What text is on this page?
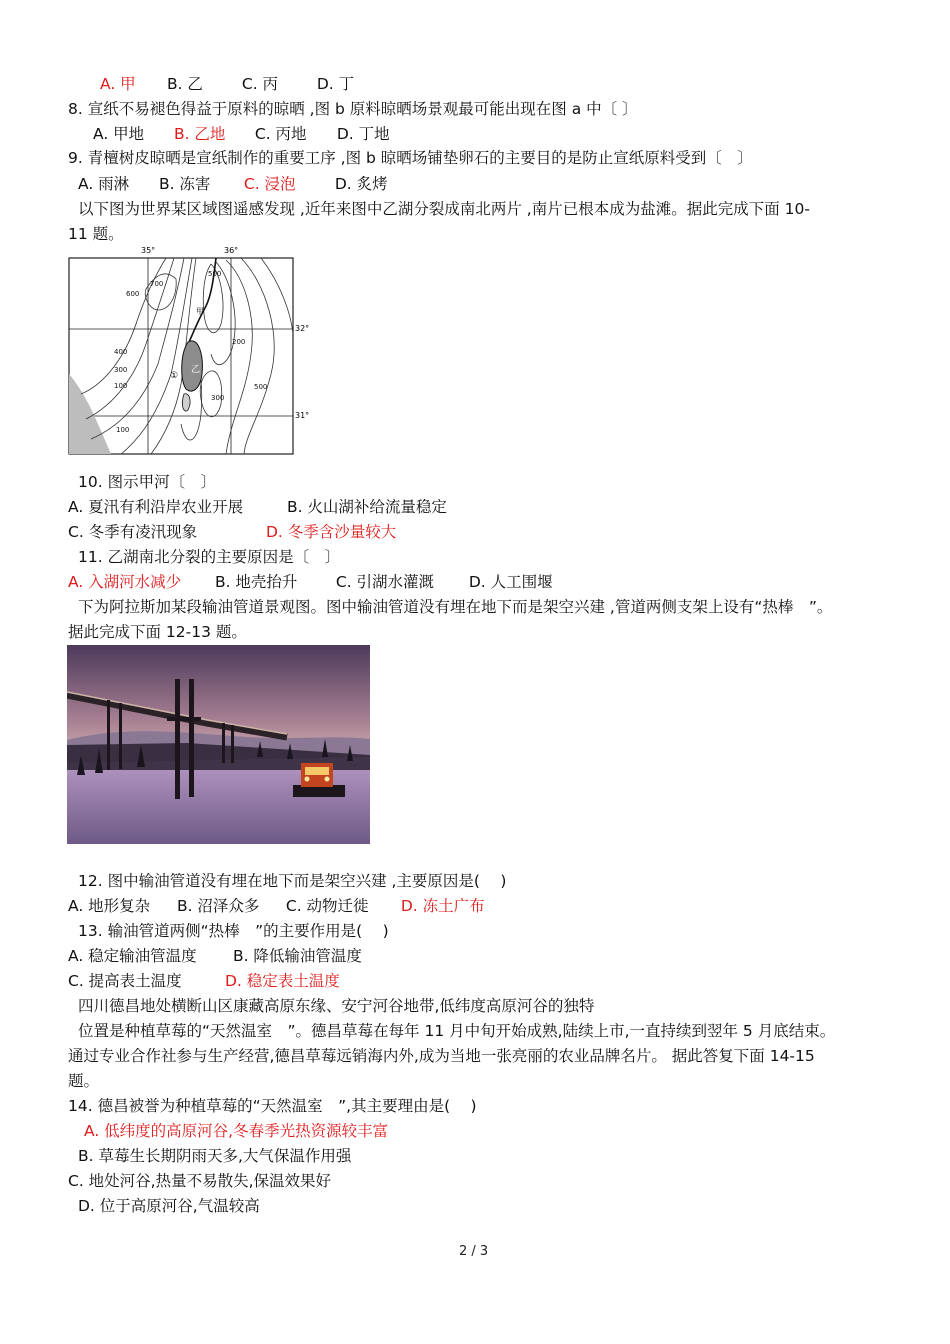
A. 甲 B. 乙	C. 丙	D. 丁
8. 宣纸不易褪色得益于原料的晾晒 ,图 b 原料晾晒场景观最可能出现在图 a 中〔 〕
A. 甲地 B. 乙地 C. 丙地 D. 丁地
9. 青檀树皮晾晒是宣纸制作的重要工序 ,图 b 晾晒场铺垫卵石的主要目的是防止宣纸原料受到〔　〕
A. 雨淋 B. 冻害 C. 浸泡	D. 炙烤
以下图为世界某区域图遥感发现 ,近年来图中乙湖分裂成南北两片 ,南片已根本成为盐滩。据此完成下面 10-
11 题。
35°	36°
32°
31°
700
600
500
400
300
100
100
200
300
500
乙
甲
①
10. 图示甲河〔　〕
A. 夏汛有利沿岸农业开展	B. 火山湖补给流量稳定
C. 冬季有凌汛现象	D. 冬季含沙量较大
11. 乙湖南北分裂的主要原因是〔　〕
A. 入湖河水减少 B. 地壳抬升 C. 引湖水灌溉 D. 人工围堰
下为阿拉斯加某段输油管道景观图。图中输油管道没有埋在地下而是架空兴建 ,管道两侧支架上设有“热棒　”。
据此完成下面 12-13 题。
12. 图中输油管道没有埋在地下而是架空兴建 ,主要原因是(　 )
A. 地形复杂 B. 沼泽众多 C. 动物迁徙 D. 冻土广布
13. 输油管道两侧“热棒　”的主要作用是(　 )
A. 稳定输油管温度 B. 降低输油管温度
C. 提高表土温度	D. 稳定表土温度
四川德昌地处横断山区康藏高原东缘、安宁河谷地带,低纬度高原河谷的独特
位置是种植草莓的“天然温室　”。德昌草莓在每年 11 月中旬开始成熟,陆续上市,一直持续到翌年 5 月底结束。
通过专业合作社参与生产经营,德昌草莓远销海内外,成为当地一张亮丽的农业品牌名片。 据此答复下面 14-15
题。
14. 德昌被誉为种植草莓的“天然温室　”,其主要理由是(　 )
A. 低纬度的高原河谷,冬春季光热资源较丰富
B. 草莓生长期阴雨天多,大气保温作用强
C. 地处河谷,热量不易散失,保温效果好
D. 位于高原河谷,气温较高
2 / 3
